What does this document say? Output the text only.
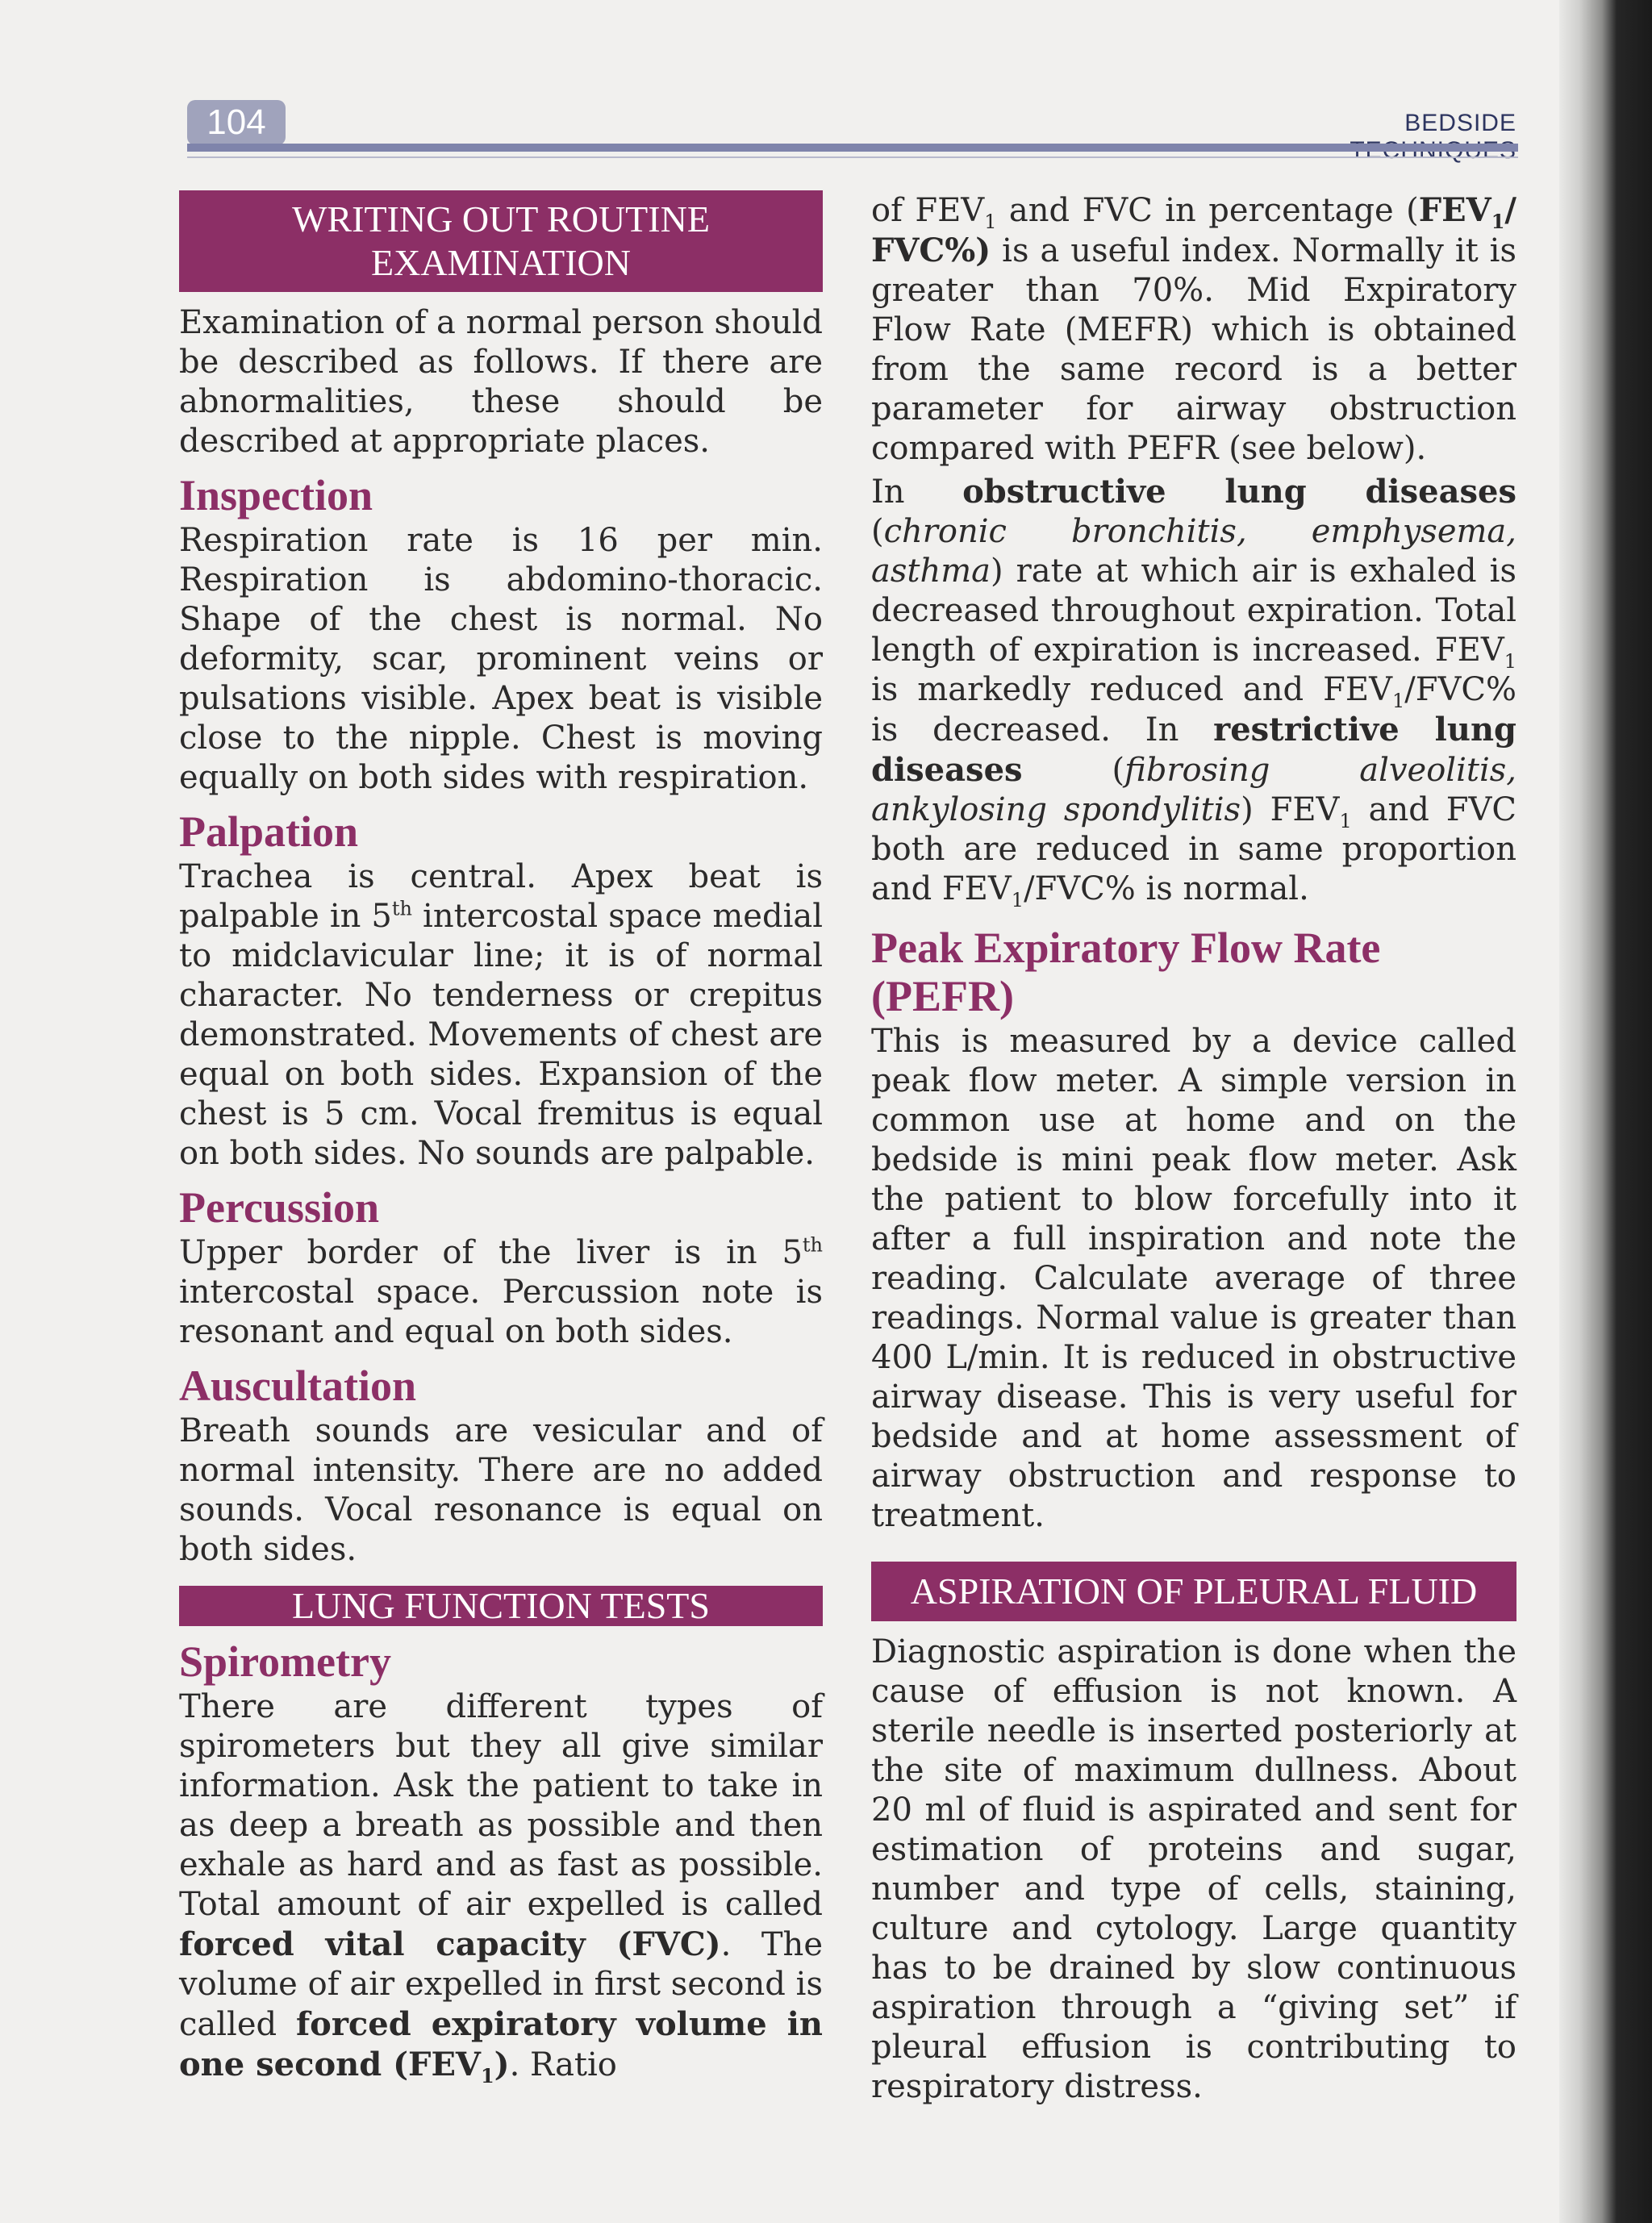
104	BEDSIDE
WRITING OUT ROUTINE EXAMINATION

Examination of a normal person should be described as follows. If there are abnormalities, these should be described at appropriate places.

Inspection

Respiration rate is 16 per min. Respiration is abdomino-thoracic. Shape of the chest is normal. No deformity, scar, prominent veins or pulsations visible. Apex beat is visible close to the nipple. Chest is moving equally on both sides with respiration.

Palpation

Trachea is central. Apex beat is palpable in 5th intercostal space medial to midclavicular line; it is of normal character. No tenderness or crepitus demonstrated. Movements of chest are equal on both sides. Expansion of the chest is 5 cm. Vocal fremitus is equal on both sides. No sounds are palpable.

Percussion

Upper border of the liver is in 5th intercostal space. Percussion note is resonant and equal on both sides.

Auscultation

Breath sounds are vesicular and of normal intensity. There are no added sounds. Vocal resonance is equal on both sides.

LUNG FUNCTION TESTS
Spirometry

There are different types of spirometers but they all give similar information. Ask the patient to take in as deep a breath as possible and then exhale as hard and as fast as possible. Total amount of air expelled is called forced vital capacity (FVC). The volume of air expelled in first second is called forced expiratory volume in one second $(FEV_1)$. Ratio

of $FEV_1$ and FVC in percentage ($FEV_1/$ FVC%) is a useful index. Normally it is greater than 70%. Mid Expiratory Flow Rate (MEFR) which is obtained from the same record is a better parameter for airway obstruction compared with PEFR (see below).

In obstructive lung diseases (chronic bronchitis, emphysema, asthma) rate at which air is exhaled is decreased throughout expiration. Total length of expiration is increased. $FEV_1$ is markedly reduced and $FEV_1/FVC\%$ is decreased. In restrictive lung diseases (fibrosing alveolitis, ankylosing spondylitis) $FEV_1$ and FVC both are reduced in same proportion and $FEV_1/FVC\%$ is normal.

Peak Expiratory Flow Rate (PEFR)

This is measured by a device called peak flow meter. A simple version in common use at home and on the bedside is mini peak flow meter. Ask the patient to blow forcefully into it after a full inspiration and note the reading. Calculate average of three readings. Normal value is greater than 400 L/min. It is reduced in obstructive airway disease. This is very useful for bedside and at home assessment of airway obstruction and response to treatment.

ASPIRATION OF PLEURAL FLUID

Diagnostic aspiration is done when the cause of effusion is not known. A sterile needle is inserted posteriorly at the site of maximum dullness. About 20 ml of fluid is aspirated and sent for estimation of proteins and sugar, number and type of cells, staining, culture and cytology. Large quantity has to be drained by slow continuous aspiration through a “giving set” if pleural effusion is contributing to respiratory distress.
